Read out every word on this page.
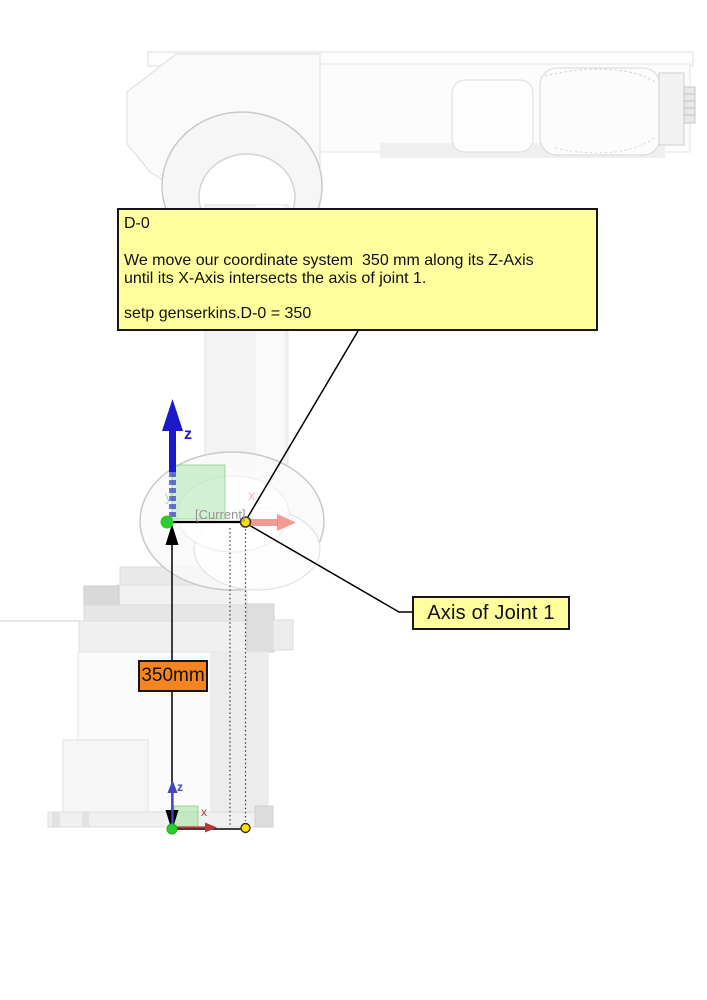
D-0
We move our coordinate system  350 mm along its Z-Axis
until its X-Axis intersects the axis of joint 1.
setp genserkins.D-0 = 350
Axis of Joint 1
350mm
z
y	x
[Current]
z
x
